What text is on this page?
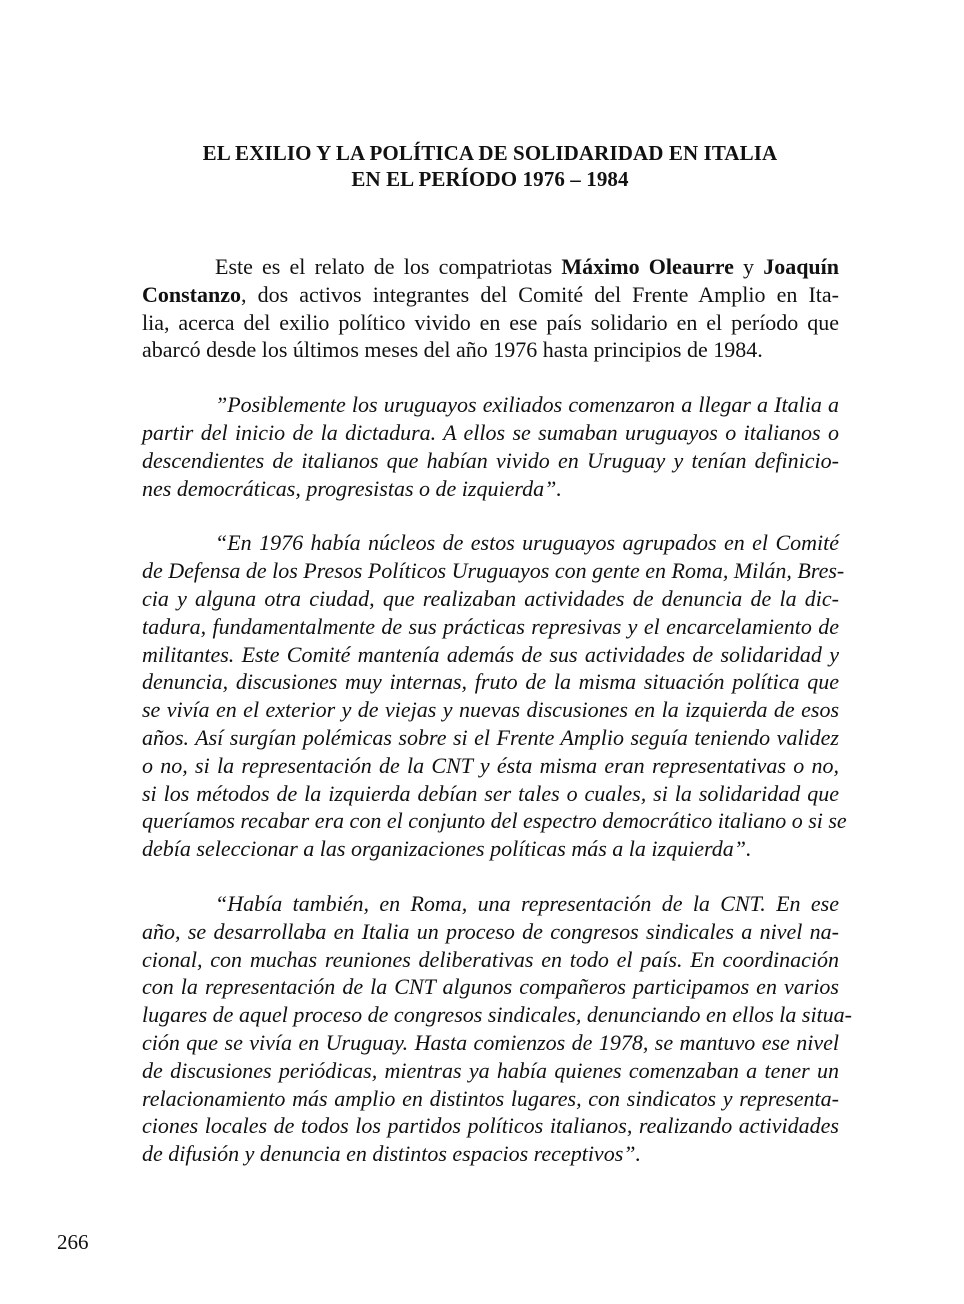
EL EXILIO Y LA POLÍTICA DE SOLIDARIDAD EN ITALIA
EN EL PERÍODO 1976 – 1984

Este es el relato de los compatriotas Máximo Oleaurre y Joaquín
Constanzo, dos activos integrantes del Comité del Frente Amplio en Ita-
lia, acerca del exilio político vivido en ese país solidario en el período que
abarcó desde los últimos meses del año 1976 hasta principios de 1984.

”Posiblemente los uruguayos exiliados comenzaron a llegar a Italia a
partir del inicio de la dictadura. A ellos se sumaban uruguayos o italianos o
descendientes de italianos que habían vivido en Uruguay y tenían definicio-
nes democráticas, progresistas o de izquierda”.

“En 1976 había núcleos de estos uruguayos agrupados en el Comité
de Defensa de los Presos Políticos Uruguayos con gente en Roma, Milán, Bres-
cia y alguna otra ciudad, que realizaban actividades de denuncia de la dic-
tadura, fundamentalmente de sus prácticas represivas y el encarcelamiento de
militantes. Este Comité mantenía además de sus actividades de solidaridad y
denuncia, discusiones muy internas, fruto de la misma situación política que
se vivía en el exterior y de viejas y nuevas discusiones en la izquierda de esos
años. Así surgían polémicas sobre si el Frente Amplio seguía teniendo validez
o no, si la representación de la CNT y ésta misma eran representativas o no,
si los métodos de la izquierda debían ser tales o cuales, si la solidaridad que
queríamos recabar era con el conjunto del espectro democrático italiano o si se
debía seleccionar a las organizaciones políticas más a la izquierda”.

“Había también, en Roma, una representación de la CNT. En ese
año, se desarrollaba en Italia un proceso de congresos sindicales a nivel na-
cional, con muchas reuniones deliberativas en todo el país. En coordinación
con la representación de la CNT algunos compañeros participamos en varios
lugares de aquel proceso de congresos sindicales, denunciando en ellos la situa-
ción que se vivía en Uruguay. Hasta comienzos de 1978, se mantuvo ese nivel
de discusiones periódicas, mientras ya había quienes comenzaban a tener un
relacionamiento más amplio en distintos lugares, con sindicatos y representa-
ciones locales de todos los partidos políticos italianos, realizando actividades
de difusión y denuncia en distintos espacios receptivos”.

266
